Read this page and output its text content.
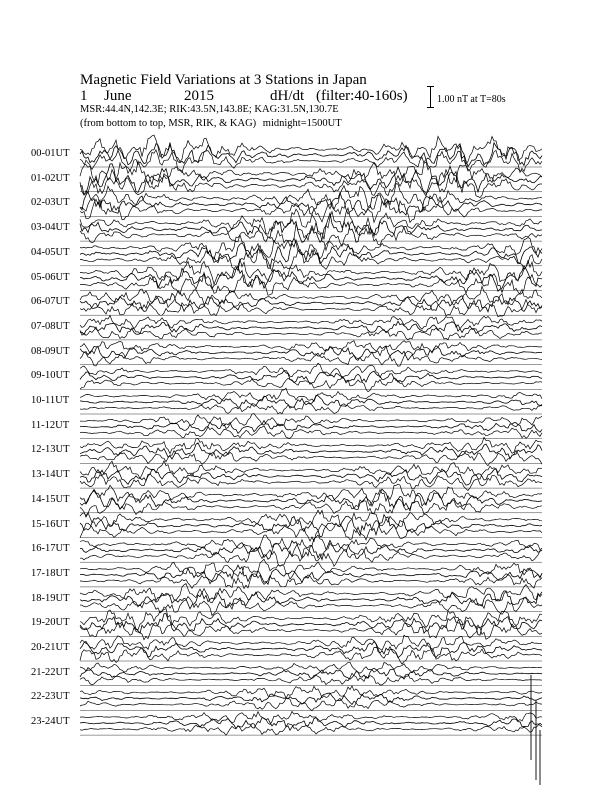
Magnetic Field Variations at 3 Stations in Japan
1 June	2015	dH/dt (filter:40-160s)
MSR:44.4N,142.3E; RIK:43.5N,143.8E; KAG:31.5N,130.7E
(from bottom to top, MSR, RIK, & KAG) midnight=1500UT
1.00 nT at T=80s
00-01UT
01-02UT
02-03UT
03-04UT
04-05UT
05-06UT
06-07UT
07-08UT
08-09UT
09-10UT
10-11UT
11-12UT
12-13UT
13-14UT
14-15UT
15-16UT
16-17UT
17-18UT
18-19UT
19-20UT
20-21UT
21-22UT
22-23UT
23-24UT
